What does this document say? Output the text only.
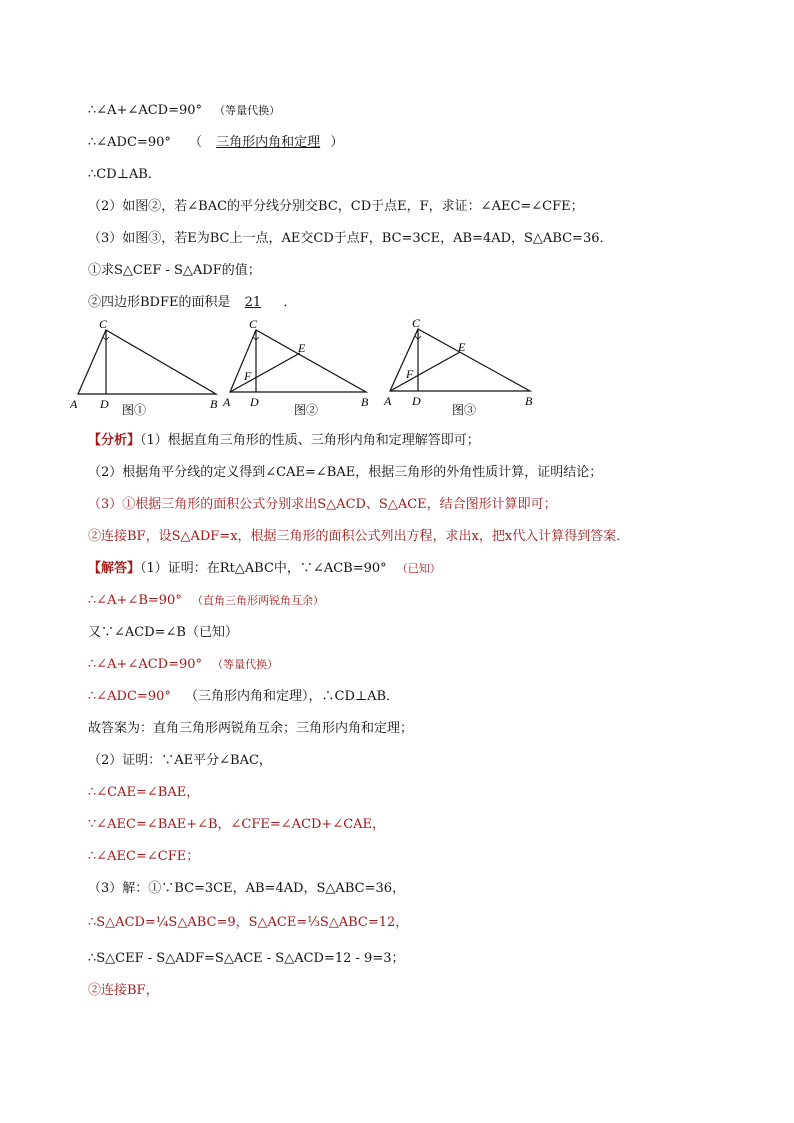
∴∠A+∠ACD=90° （等量代换）
∴∠ADC=90° （ 三角形内角和定理 ）
∴CD⊥AB．
（2）如图②，若∠BAC的平分线分别交BC，CD于点E，F，求证：∠AEC=∠CFE；
（3）如图③，若E为BC上一点，AE交CD于点F，BC=3CE，AB=4AD，S△ABC=36．
①求S△CEF - S△ADF的值；
②四边形BDFE的面积是 21 ．
A	B
C
D 图①
A	B
C
D
E
F
图②
A	B
C
D
E
F
图③
【分析】（1）根据直角三角形的性质、三角形内角和定理解答即可；
（2）根据角平分线的定义得到∠CAE=∠BAE，根据三角形的外角性质计算，证明结论；
（3）①根据三角形的面积公式分别求出S△ACD、S△ACE，结合图形计算即可；
②连接BF，设S△ADF=x，根据三角形的面积公式列出方程，求出x，把x代入计算得到答案．
【解答】（1）证明：在Rt△ABC中，∵∠ACB=90° （已知）
∴∠A+∠B=90° （直角三角形两锐角互余）
又∵∠ACD=∠B（已知）
∴∠A+∠ACD=90° （等量代换）
∴∠ADC=90° （三角形内角和定理），∴CD⊥AB．
故答案为：直角三角形两锐角互余；三角形内角和定理；
（2）证明：∵AE平分∠BAC，
∴∠CAE=∠BAE，
∵∠AEC=∠BAE+∠B，∠CFE=∠ACD+∠CAE，
∴∠AEC=∠CFE；
（3）解：①∵BC=3CE，AB=4AD，S△ABC=36，
∴S△ACD=¼S△ABC=9，S△ACE=⅓S△ABC=12，
∴S△CEF - S△ADF=S△ACE - S△ACD=12 - 9=3；
②连接BF，
